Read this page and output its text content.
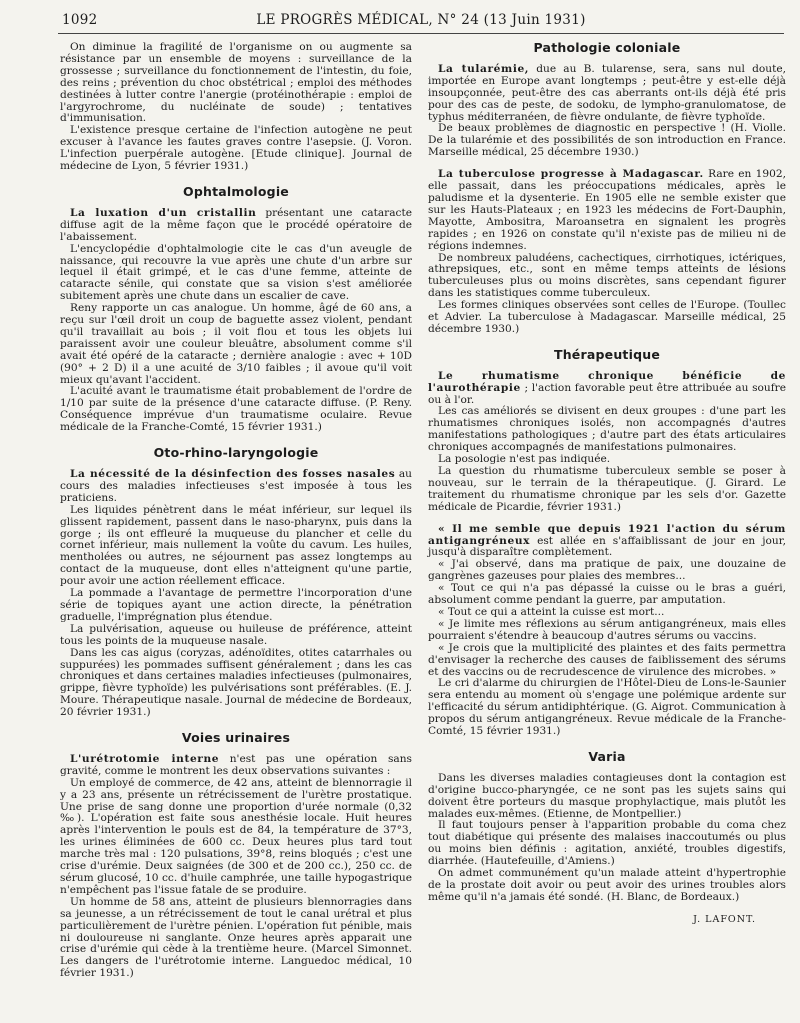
1092	LE PROGRÈS MÉDICAL, N° 24 (13 Juin 1931)

On diminue la fragilité de l'organisme on ou augmente sa résistance par un ensemble de moyens : surveillance de la grossesse ; surveillance du fonctionnement de l'intestin, du foie, des reins ; prévention du choc obstétrical ; emploi des méthodes destinées à lutter contre l'anergie (protéinothérapie : emploi de l'argyrochrome, du nucléinate de soude) ; tentatives d'immunisation.

L'existence presque certaine de l'infection autogène ne peut excuser à l'avance les fautes graves contre l'asepsie. (J. Voron. L'infection puerpérale autogène. [Etude clinique]. Journal de médecine de Lyon, 5 février 1931.)

Ophtalmologie

La luxation d'un cristallin présentant une cataracte diffuse agit de la même façon que le procédé opératoire de l'abaissement.

L'encyclopédie d'ophtalmologie cite le cas d'un aveugle de naissance, qui recouvre la vue après une chute d'un arbre sur lequel il était grimpé, et le cas d'une femme, atteinte de cataracte sénile, qui constate que sa vision s'est améliorée subitement après une chute dans un escalier de cave.

Reny rapporte un cas analogue. Un homme, âgé de 60 ans, a reçu sur l'œil droit un coup de baguette assez violent, pendant qu'il travaillait au bois ; il voit flou et tous les objets lui paraissent avoir une couleur bleuâtre, absolument comme s'il avait été opéré de la cataracte ; dernière analogie : avec + 10D (90° + 2 D) il a une acuité de 3/10 faibles ; il avoue qu'il voit mieux qu'avant l'accident.

L'acuité avant le traumatisme était probablement de l'ordre de 1/10 par suite de la présence d'une cataracte diffuse. (P. Reny. Conséquence imprévue d'un traumatisme oculaire. Revue médicale de la Franche-Comté, 15 février 1931.)

Oto-rhino-laryngologie

La nécessité de la désinfection des fosses nasales au cours des maladies infectieuses s'est imposée à tous les praticiens.

Les liquides pénètrent dans le méat inférieur, sur lequel ils glissent rapidement, passent dans le naso-pharynx, puis dans la gorge ; ils ont effleuré la muqueuse du plancher et celle du cornet inférieur, mais nullement la voûte du cavum. Les huiles, mentholées ou autres, ne séjournent pas assez longtemps au contact de la muqueuse, dont elles n'atteignent qu'une partie, pour avoir une action réellement efficace.

La pommade a l'avantage de permettre l'incorporation d'une série de topiques ayant une action directe, la pénétration graduelle, l'imprégnation plus étendue.

La pulvérisation, aqueuse ou huileuse de préférence, atteint tous les points de la muqueuse nasale.

Dans les cas aigus (coryzas, adénoïdites, otites catarrhales ou suppurées) les pommades suffisent généralement ; dans les cas chroniques et dans certaines maladies infectieuses (pulmonaires, grippe, fièvre typhoïde) les pulvérisations sont préférables. (E. J. Moure. Thérapeutique nasale. Journal de médecine de Bordeaux, 20 février 1931.)

Voies urinaires

L'urétrotomie interne n'est pas une opération sans gravité, comme le montrent les deux observations suivantes :

Un employé de commerce, de 42 ans, atteint de blennorragie il y a 23 ans, présente un rétrécissement de l'urètre prostatique. Une prise de sang donne une proportion d'urée normale (0,32 ‰). L'opération est faite sous anesthésie locale. Huit heures après l'intervention le pouls est de 84, la température de 37°3, les urines éliminées de 600 cc. Deux heures plus tard tout marche très mal : 120 pulsations, 39°8, reins bloqués ; c'est une crise d'urémie. Deux saignées (de 300 et de 200 cc.), 250 cc. de sérum glucosé, 10 cc. d'huile camphrée, une taille hypogastrique n'empêchent pas l'issue fatale de se produire.

Un homme de 58 ans, atteint de plusieurs blennorragies dans sa jeunesse, a un rétrécissement de tout le canal urétral et plus particulièrement de l'urètre pénien. L'opération fut pénible, mais ni douloureuse ni sanglante. Onze heures après apparait une crise d'urémie qui cède à la trentième heure. (Marcel Simonnet. Les dangers de l'urétrotomie interne. Languedoc médical, 10 février 1931.)

Pathologie coloniale

La tularémie, due au B. tularense, sera, sans nul doute, importée en Europe avant longtemps ; peut-être y est-elle déjà insoupçonnée, peut-être des cas aberrants ont-ils déjà été pris pour des cas de peste, de sodoku, de lympho-granulomatose, de typhus méditerranéen, de fièvre ondulante, de fièvre typhoïde.

De beaux problèmes de diagnostic en perspective ! (H. Violle. De la tularémie et des possibilités de son introduction en France. Marseille médical, 25 décembre 1930.)

La tuberculose progresse à Madagascar. Rare en 1902, elle passait, dans les préoccupations médicales, après le paludisme et la dysenterie. En 1905 elle ne semble exister que sur les Hauts-Plateaux ; en 1923 les médecins de Fort-Dauphin, Mayotte, Ambositra, Maroansetra en signalent les progrès rapides ; en 1926 on constate qu'il n'existe pas de milieu ni de régions indemnes.

De nombreux paludéens, cachectiques, cirrhotiques, ictériques, athrepsiques, etc., sont en même temps atteints de lésions tuberculeuses plus ou moins discrètes, sans cependant figurer dans les statistiques comme tuberculeux.

Les formes cliniques observées sont celles de l'Europe. (Toullec et Advier. La tuberculose à Madagascar. Marseille médical, 25 décembre 1930.)

Thérapeutique

Le rhumatisme chronique bénéficie de l'aurothérapie ; l'action favorable peut être attribuée au soufre ou à l'or.

Les cas améliorés se divisent en deux groupes : d'une part les rhumatismes chroniques isolés, non accompagnés d'autres manifestations pathologiques ; d'autre part des états articulaires chroniques accompagnés de manifestations pulmonaires.

La posologie n'est pas indiquée.

La question du rhumatisme tuberculeux semble se poser à nouveau, sur le terrain de la thérapeutique. (J. Girard. Le traitement du rhumatisme chronique par les sels d'or. Gazette médicale de Picardie, février 1931.)

« Il me semble que depuis 1921 l'action du sérum antigangréneux est allée en s'affaiblissant de jour en jour, jusqu'à disparaître complètement.

« J'ai observé, dans ma pratique de paix, une douzaine de gangrènes gazeuses pour plaies des membres...

« Tout ce qui n'a pas dépassé la cuisse ou le bras a guéri, absolument comme pendant la guerre, par amputation.

« Tout ce qui a atteint la cuisse est mort...

« Je limite mes réflexions au sérum antigangréneux, mais elles pourraient s'étendre à beaucoup d'autres sérums ou vaccins.

« Je crois que la multiplicité des plaintes et des faits permettra d'envisager la recherche des causes de faiblissement des sérums et des vaccins ou de recrudescence de virulence des microbes. »

Le cri d'alarme du chirurgien de l'Hôtel-Dieu de Lons-le-Saunier sera entendu au moment où s'engage une polémique ardente sur l'efficacité du sérum antidiphtérique. (G. Aigrot. Communication à propos du sérum antigangréneux. Revue médicale de la Franche-Comté, 15 février 1931.)

Varia

Dans les diverses maladies contagieuses dont la contagion est d'origine bucco-pharyngée, ce ne sont pas les sujets sains qui doivent être porteurs du masque prophylactique, mais plutôt les malades eux-mêmes. (Etienne, de Montpellier.)

Il faut toujours penser à l'apparition probable du coma chez tout diabétique qui présente des malaises inaccoutumés ou plus ou moins bien définis : agitation, anxiété, troubles digestifs, diarrhée. (Hautefeuille, d'Amiens.)

On admet communément qu'un malade atteint d'hypertrophie de la prostate doit avoir ou peut avoir des urines troubles alors même qu'il n'a jamais été sondé. (H. Blanc, de Bordeaux.)

J. LAFONT.
